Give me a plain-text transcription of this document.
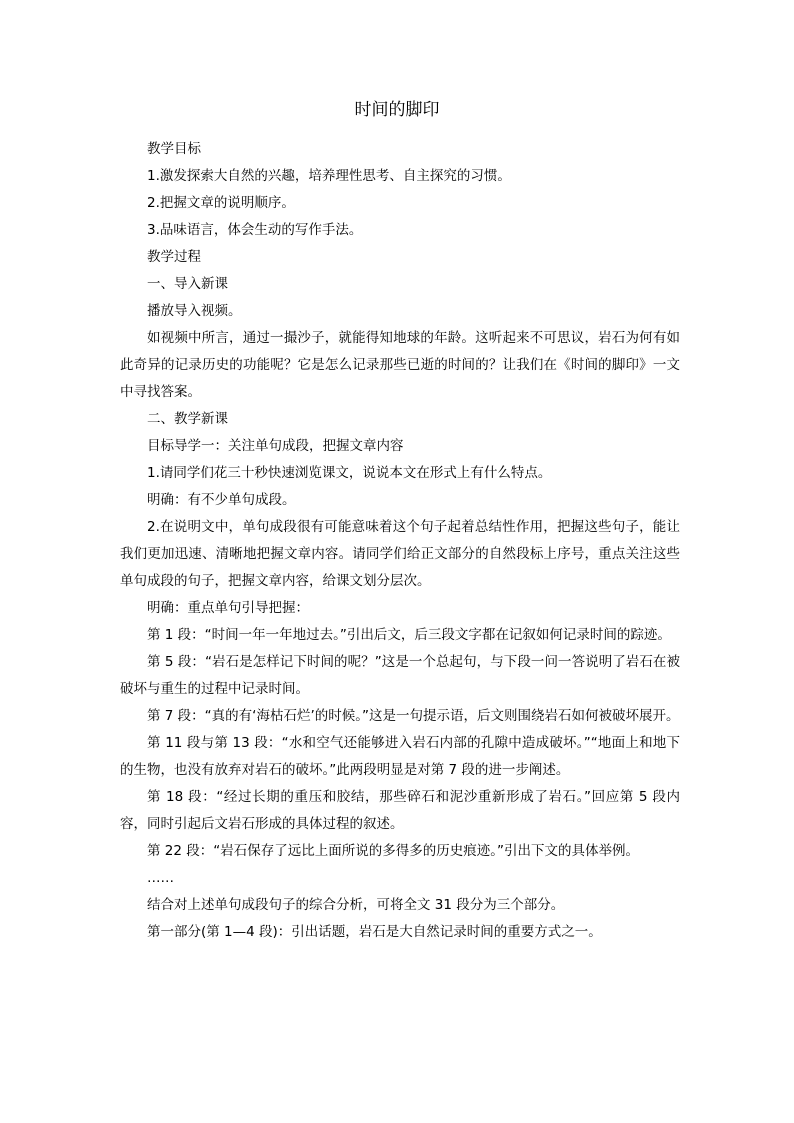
时间的脚印

教学目标

1.激发探索大自然的兴趣，培养理性思考、自主探究的习惯。

2.把握文章的说明顺序。

3.品味语言，体会生动的写作手法。

教学过程

一、导入新课

播放导入视频。

如视频中所言，通过一撮沙子，就能得知地球的年龄。这听起来不可思议，岩石为何有如此奇异的记录历史的功能呢？它是怎么记录那些已逝的时间的？让我们在《时间的脚印》一文中寻找答案。

二、教学新课

目标导学一：关注单句成段，把握文章内容

1.请同学们花三十秒快速浏览课文，说说本文在形式上有什么特点。

明确：有不少单句成段。

2.在说明文中，单句成段很有可能意味着这个句子起着总结性作用，把握这些句子，能让我们更加迅速、清晰地把握文章内容。请同学们给正文部分的自然段标上序号，重点关注这些单句成段的句子，把握文章内容，给课文划分层次。

明确：重点单句引导把握：

第 1 段：“时间一年一年地过去。”引出后文，后三段文字都在记叙如何记录时间的踪迹。

第 5 段：“岩石是怎样记下时间的呢？”这是一个总起句，与下段一问一答说明了岩石在被破坏与重生的过程中记录时间。

第 7 段：“真的有‘海枯石烂’的时候。”这是一句提示语，后文则围绕岩石如何被破坏展开。

第 11 段与第 13 段：“水和空气还能够进入岩石内部的孔隙中造成破坏。”“地面上和地下的生物，也没有放弃对岩石的破坏。”此两段明显是对第 7 段的进一步阐述。

第 18 段：“经过长期的重压和胶结，那些碎石和泥沙重新形成了岩石。”回应第 5 段内容，同时引起后文岩石形成的具体过程的叙述。

第 22 段：“岩石保存了远比上面所说的多得多的历史痕迹。”引出下文的具体举例。

……

结合对上述单句成段句子的综合分析，可将全文 31 段分为三个部分。

第一部分(第 1—4 段)：引出话题，岩石是大自然记录时间的重要方式之一。
